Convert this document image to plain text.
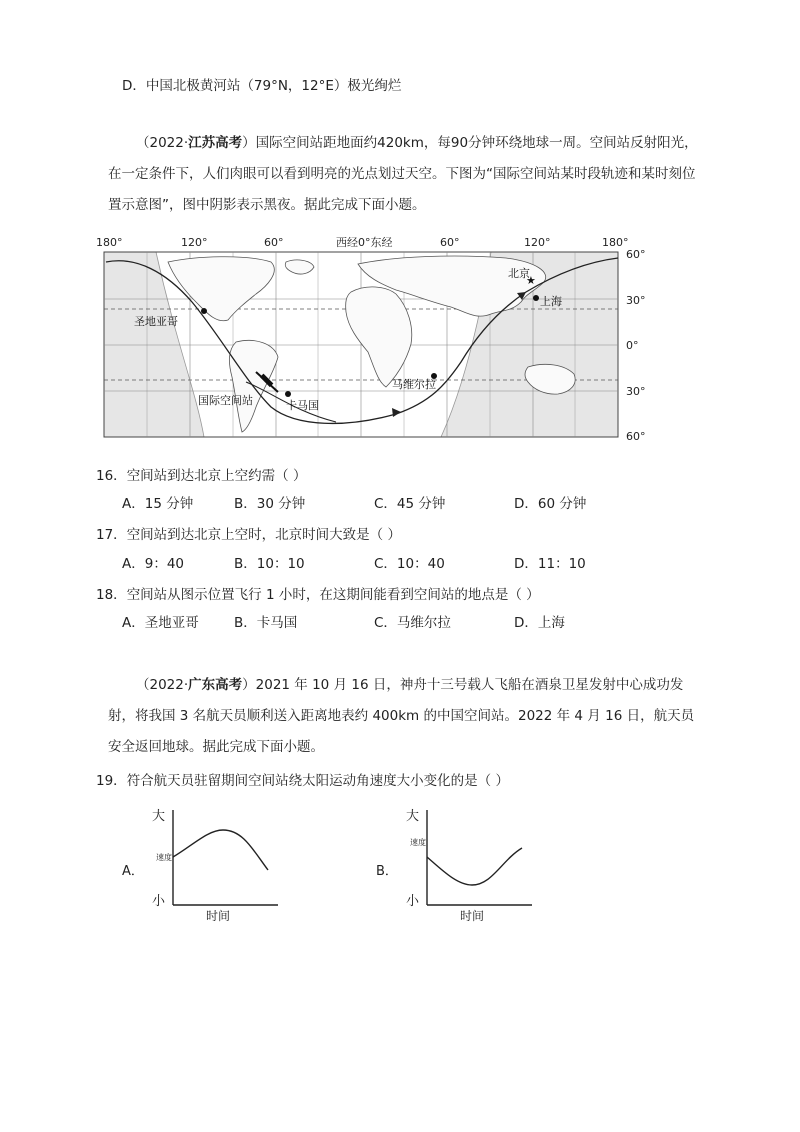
D．中国北极黄河站（79°N，12°E）极光绚烂
（2022·江苏高考）国际空间站距地面约420km，每90分钟环绕地球一周。空间站反射阳光，在一定条件下，人们肉眼可以看到明亮的光点划过天空。下图为“国际空间站某时段轨迹和某时刻位置示意图”，图中阴影表示黑夜。据此完成下面小题。
180°	120°	60°	西经0°东经	60°	120°	180°
★
北京
上海
圣地亚哥
国际空间站	卡马国
马维尔拉
60°
30°
0°
30°
60°
16．空间站到达北京上空约需（ ）
A．15 分钟	B．30 分钟	C．45 分钟	D．60 分钟
17．空间站到达北京上空时，北京时间大致是（ ）
A．9：40	B．10：10	C．10：40	D．11：10
18．空间站从图示位置飞行 1 小时，在这期间能看到空间站的地点是（ ）
A．圣地亚哥	B．卡马国	C．马维尔拉	D．上海
（2022·广东高考）2021 年 10 月 16 日，神舟十三号载人飞船在酒泉卫星发射中心成功发射，将我国 3 名航天员顺利送入距离地表约 400km 的中国空间站。2022 年 4 月 16 日，航天员安全返回地球。据此完成下面小题。
19．符合航天员驻留期间空间站绕太阳运动角速度大小变化的是（ ）
A．
大
小
速度
时间
B．
大
小
速度
时间
